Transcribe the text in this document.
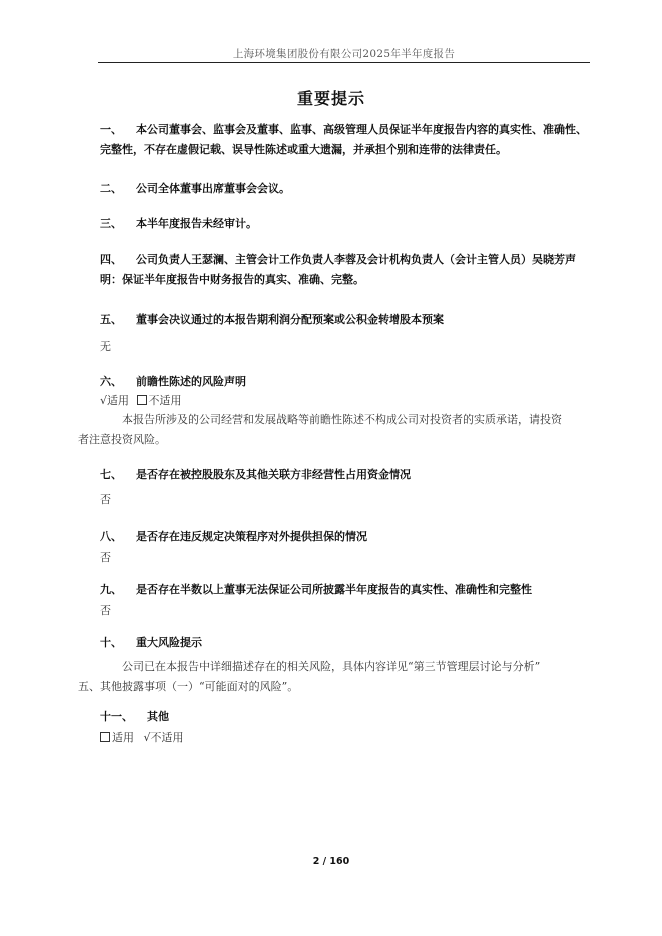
上海环境集团股份有限公司2025年半年度报告
重要提示
一、 本公司董事会、监事会及董事、监事、高级管理人员保证半年度报告内容的真实性、准确性、
完整性，不存在虚假记载、误导性陈述或重大遗漏，并承担个别和连带的法律责任。
二、 公司全体董事出席董事会会议。
三、 本半年度报告未经审计。
四、 公司负责人王瑟澜、主管会计工作负责人李蓉及会计机构负责人（会计主管人员）吴晓芳声
明：保证半年度报告中财务报告的真实、准确、完整。
五、 董事会决议通过的本报告期利润分配预案或公积金转增股本预案
无
六、 前瞻性陈述的风险声明
√适用 不适用
本报告所涉及的公司经营和发展战略等前瞻性陈述不构成公司对投资者的实质承诺，请投资
者注意投资风险。
七、 是否存在被控股股东及其他关联方非经营性占用资金情况
否
八、 是否存在违反规定决策程序对外提供担保的情况
否
九、 是否存在半数以上董事无法保证公司所披露半年度报告的真实性、准确性和完整性
否
十、 重大风险提示
公司已在本报告中详细描述存在的相关风险，具体内容详见“第三节管理层讨论与分析”
五、其他披露事项（一）“可能面对的风险”。
十一、 其他
适用 √不适用
2 / 160
